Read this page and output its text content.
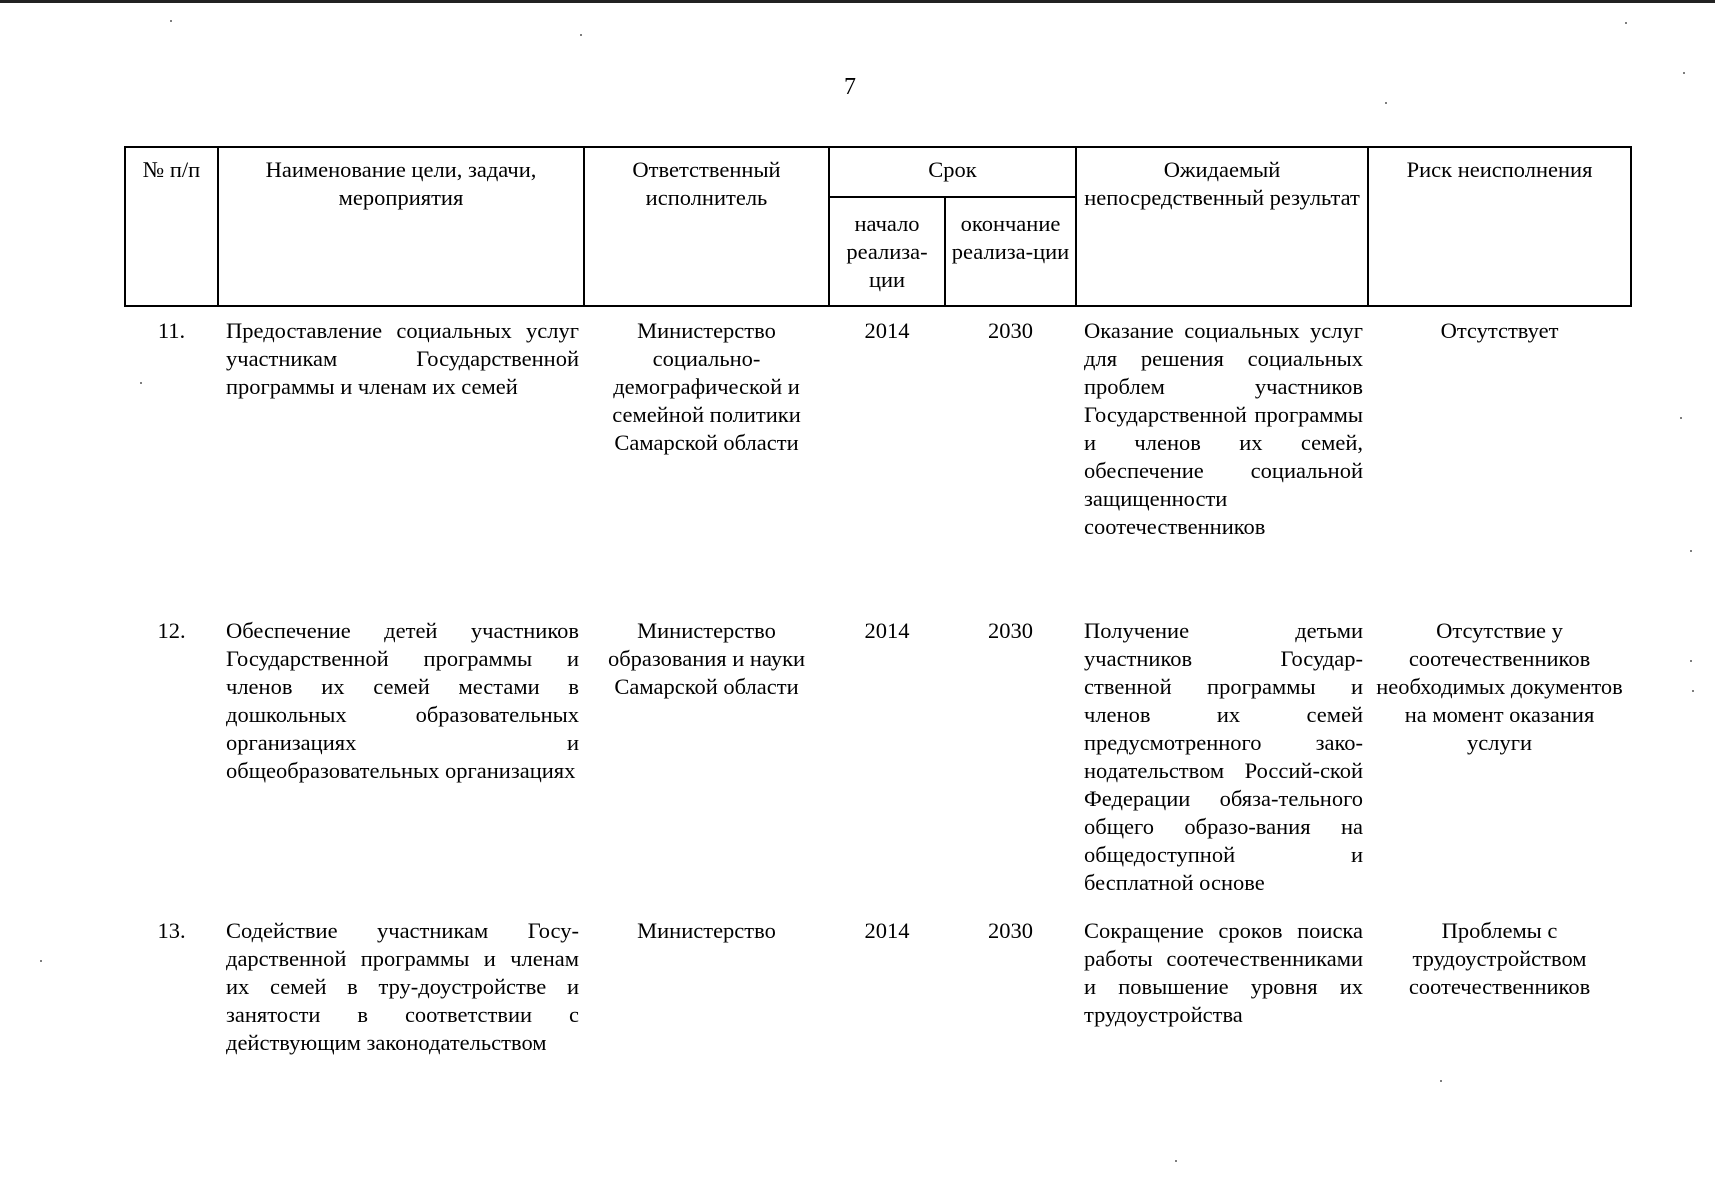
7
№ п/п	Наименование цели, задачи, мероприятия	Ответственный исполнитель	Срок		Ожидаемый непосредственный результат	Риск неисполнения
			начало реализа-ции	окончание реализа-ции		
11.	Предоставление социальных услуг участникам Государственной программы и членам их семей	Министерство социально-демографической и семейной политики Самарской области	2014	2030	Оказание социальных услуг для решения социальных проблем участников Государственной программы и членов их семей, обеспечение социальной защищенности соотечественников	Отсутствует
12.	Обеспечение детей участников Государственной программы и членов их семей местами в дошкольных образовательных организациях и общеобразовательных организациях	Министерство образования и науки Самарской области	2014	2030	Получение детьми участников Государ-ственной программы и членов их семей предусмотренного зако-нодательством Россий-ской Федерации обяза-тельного общего образо-вания на общедоступной и бесплатной основе	Отсутствие у соотечественников необходимых документов на момент оказания услуги
13.	Содействие участникам Госу-дарственной программы и членам их семей в тру-доустройстве и занятости в соответствии с действующим законодательством	Министерство	2014	2030	Сокращение сроков поиска работы соотечественниками и повышение уровня их трудоустройства	Проблемы с трудоустройством соотечественников
